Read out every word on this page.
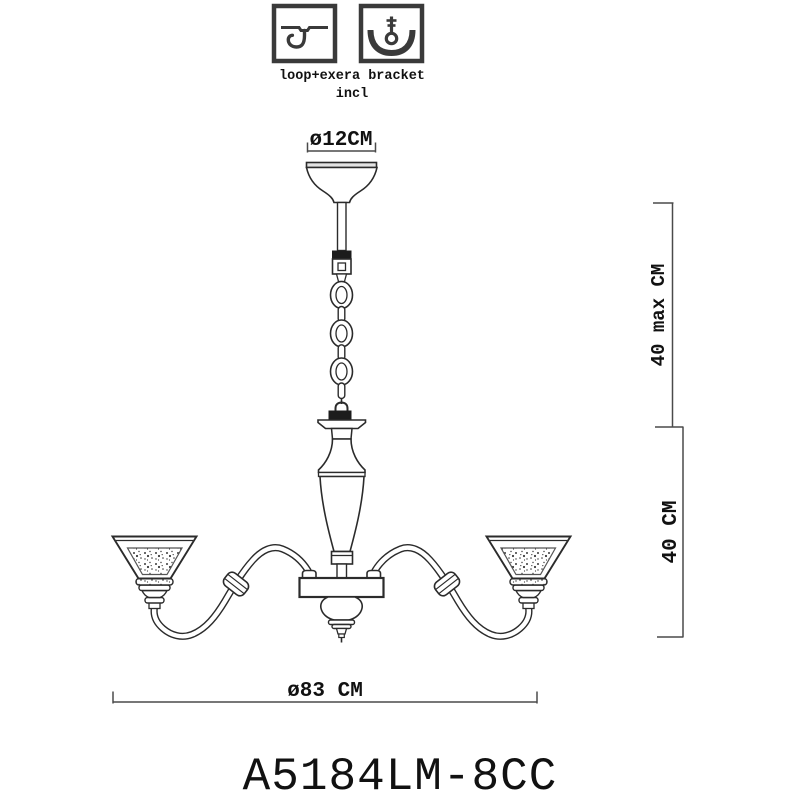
loop+exera bracket
incl
ø12CM
40 max CM
40 CM
ø83 CM
A5184LM-8CC
